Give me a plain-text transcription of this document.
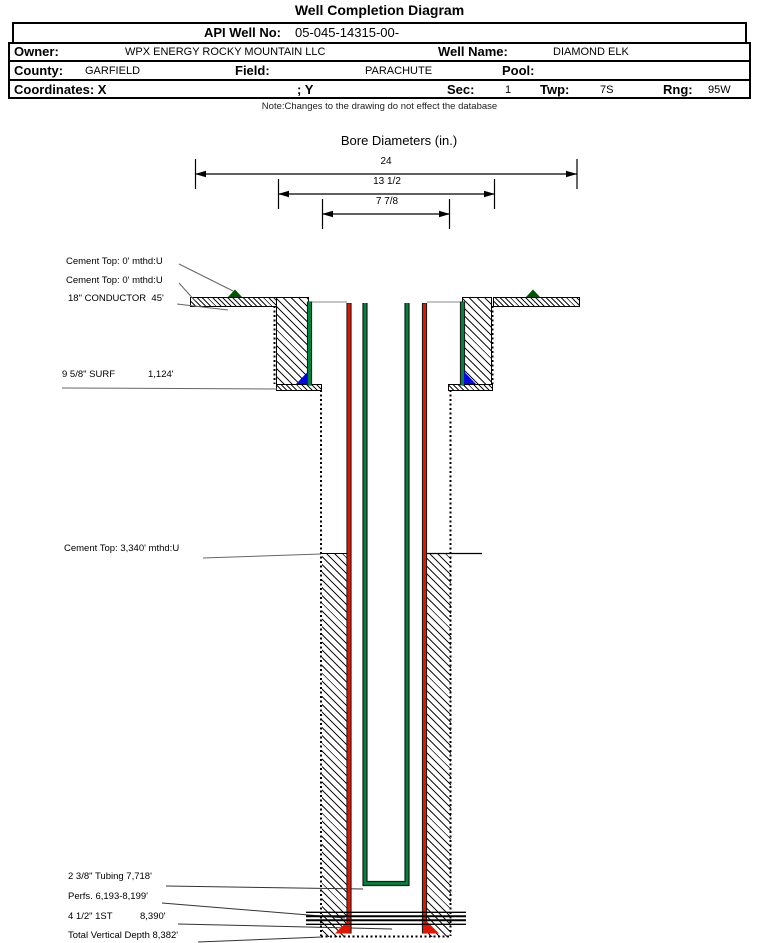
Well Completion Diagram
API Well No: 05-045-14315-00-
Owner:	WPX ENERGY ROCKY MOUNTAIN LLC	Well Name:	DIAMOND ELK
County: GARFIELD	Field:	PARACHUTE	Pool:
Coordinates: X	; Y	Sec:	1 Twp:	7S	Rng: 95W
Note:Changes to the drawing do not effect the database
Bore Diameters (in.)
24
13 1/2
7 7/8
Cement Top: 0' mthd:U
Cement Top: 0' mthd:U
18" CONDUCTOR  45'
9 5/8" SURF	1,124'
Cement Top: 3,340' mthd:U
2 3/8" Tubing 7,718'
Perfs. 6,193-8,199'
4 1/2" 1ST	8,390'
Total Vertical Depth 8,382'
